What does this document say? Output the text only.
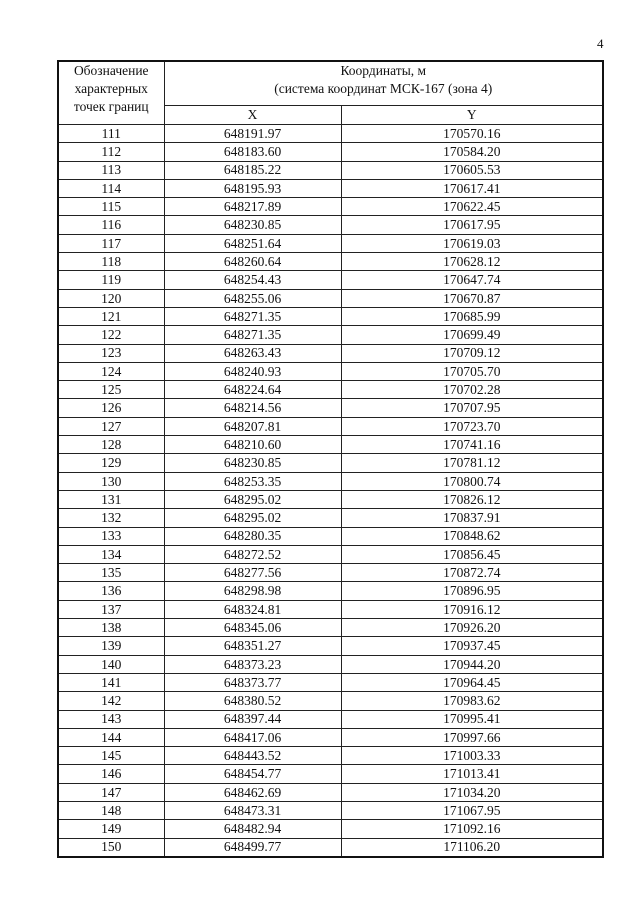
4
Обозначение
характерных
точек границ	Координаты, м
(система координат МСК-167 (зона 4)	

	X	Y
111	648191.97	170570.16
112	648183.60	170584.20
113	648185.22	170605.53
114	648195.93	170617.41
115	648217.89	170622.45
116	648230.85	170617.95
117	648251.64	170619.03
118	648260.64	170628.12
119	648254.43	170647.74
120	648255.06	170670.87
121	648271.35	170685.99
122	648271.35	170699.49
123	648263.43	170709.12
124	648240.93	170705.70
125	648224.64	170702.28
126	648214.56	170707.95
127	648207.81	170723.70
128	648210.60	170741.16
129	648230.85	170781.12
130	648253.35	170800.74
131	648295.02	170826.12
132	648295.02	170837.91
133	648280.35	170848.62
134	648272.52	170856.45
135	648277.56	170872.74
136	648298.98	170896.95
137	648324.81	170916.12
138	648345.06	170926.20
139	648351.27	170937.45
140	648373.23	170944.20
141	648373.77	170964.45
142	648380.52	170983.62
143	648397.44	170995.41
144	648417.06	170997.66
145	648443.52	171003.33
146	648454.77	171013.41
147	648462.69	171034.20
148	648473.31	171067.95
149	648482.94	171092.16
150	648499.77	171106.20
